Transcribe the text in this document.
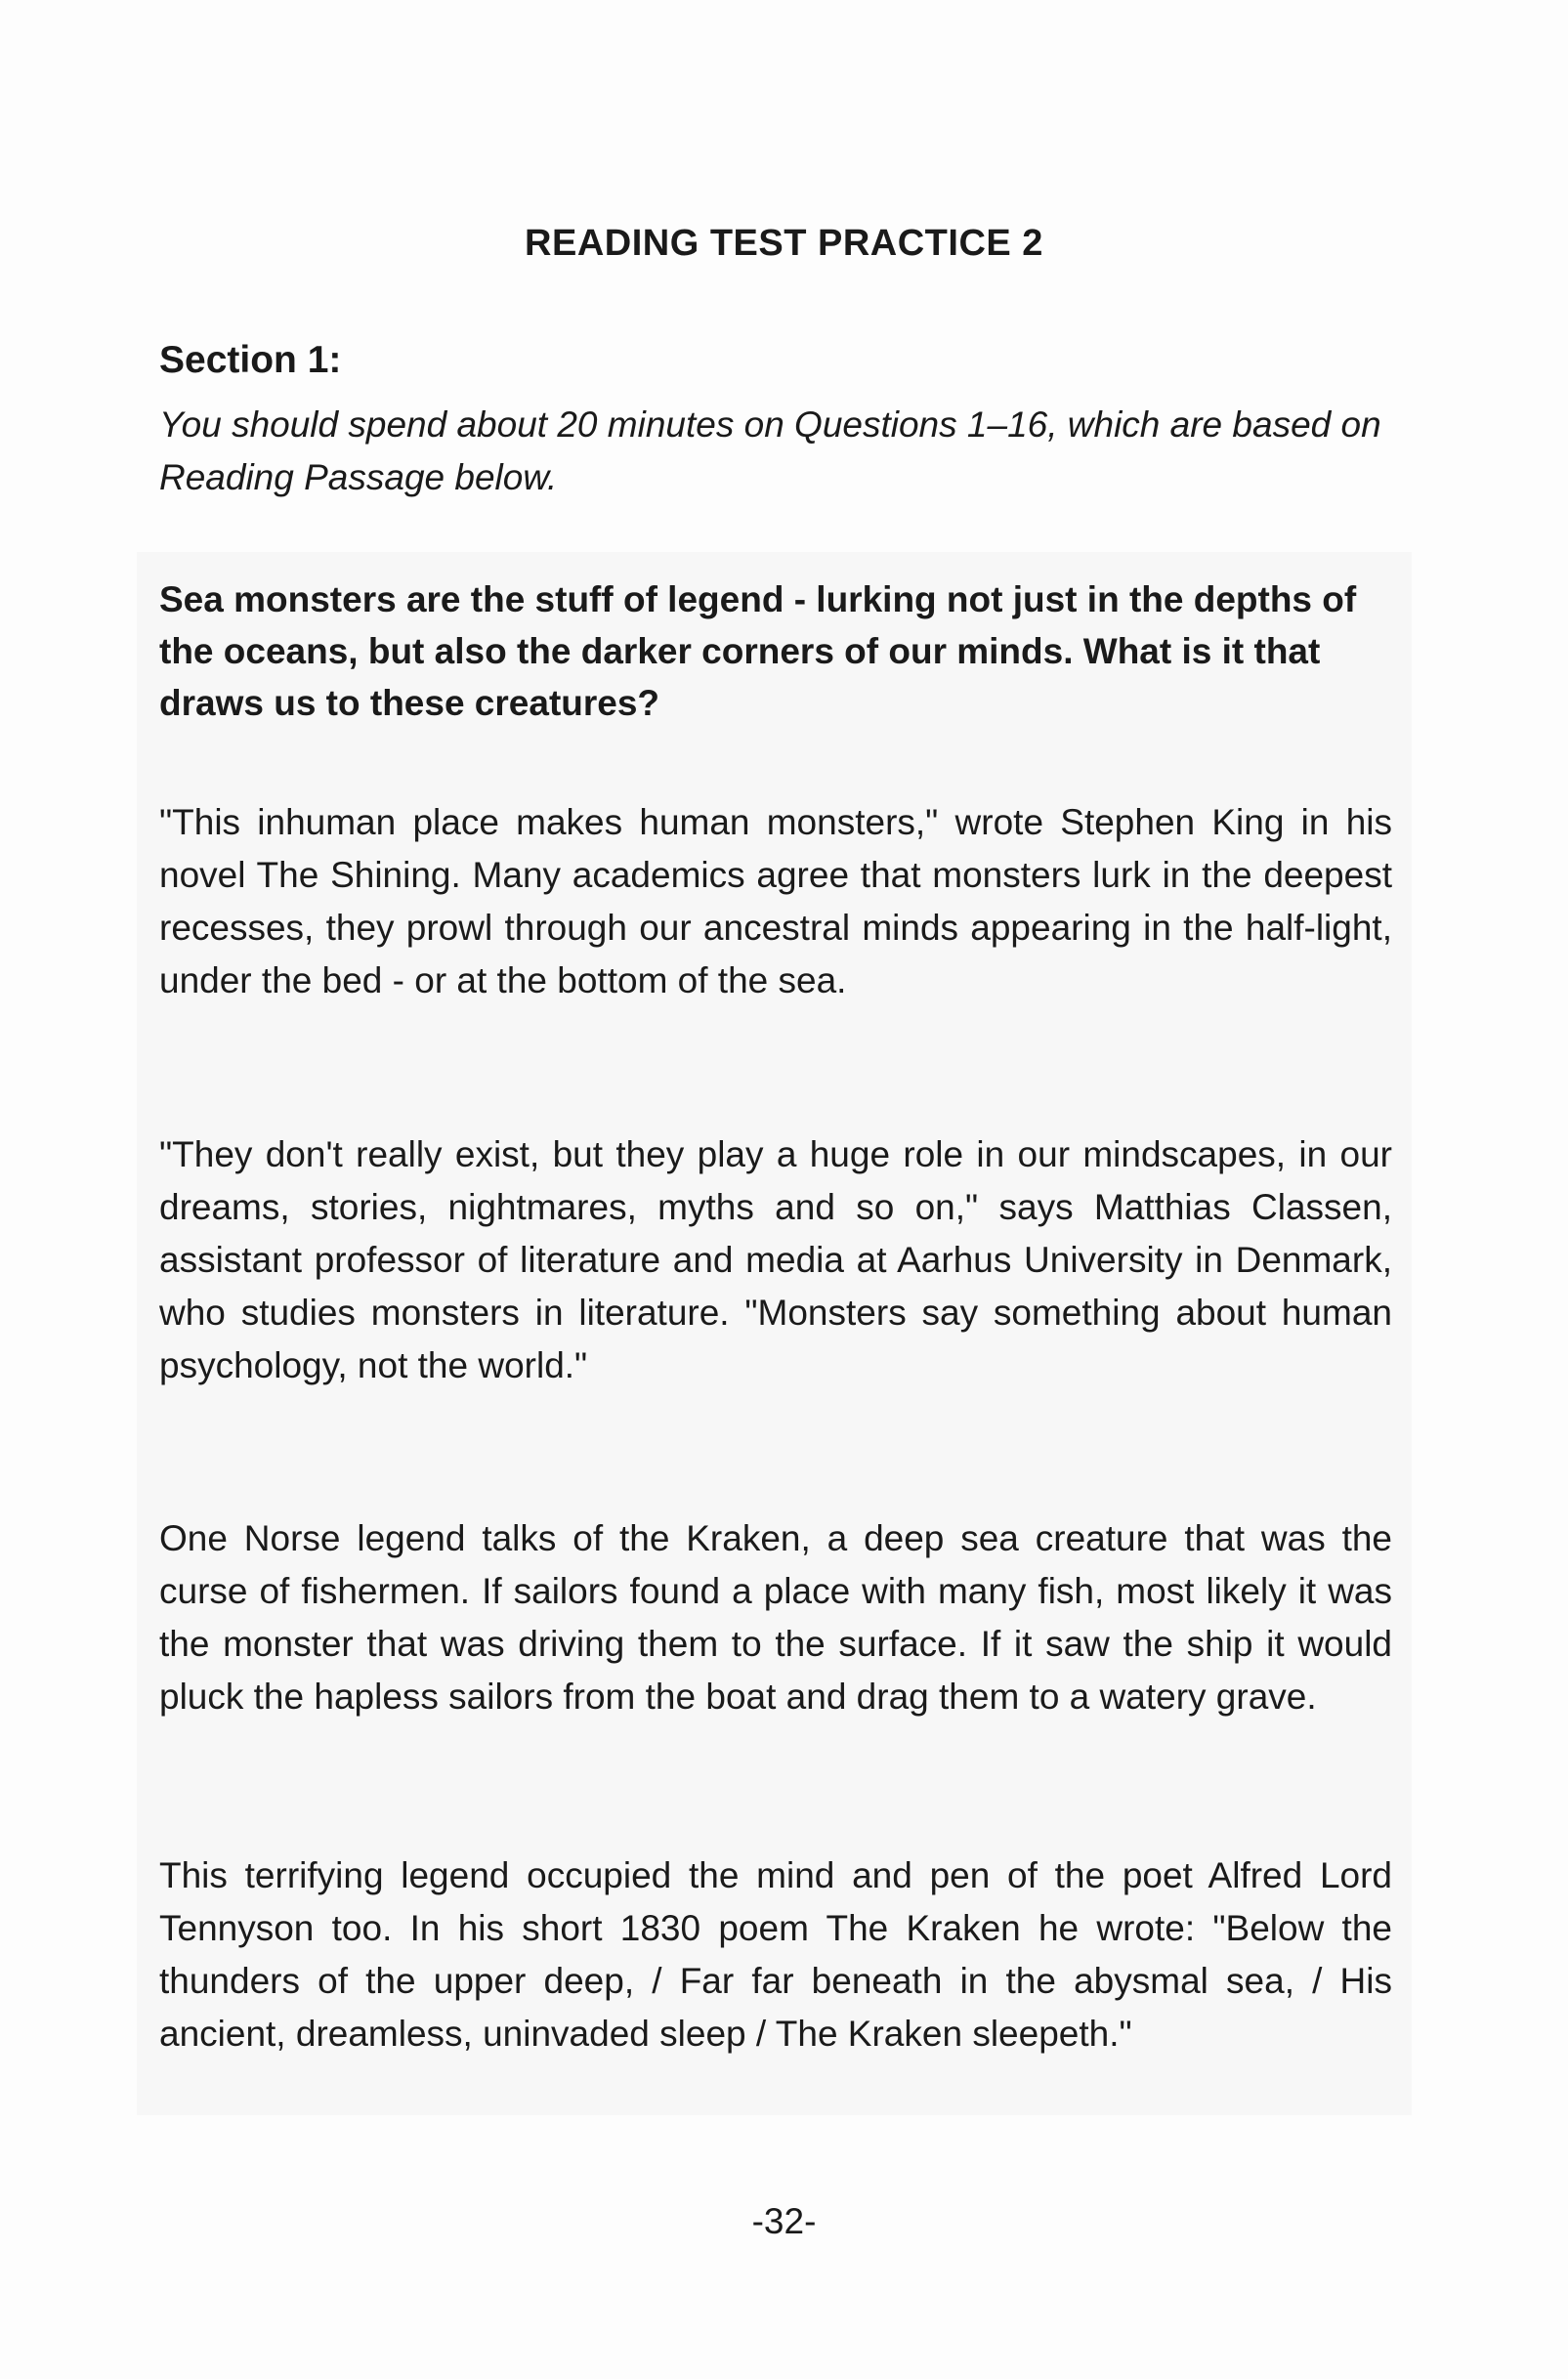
READING TEST PRACTICE 2
Section 1:
You should spend about 20 minutes on Questions 1–16, which are based on Reading Passage below.
Sea monsters are the stuff of legend - lurking not just in the depths of the oceans, but also the darker corners of our minds. What is it that draws us to these creatures?
"This inhuman place makes human monsters," wrote Stephen King in his novel The Shining. Many academics agree that monsters lurk in the deepest recesses, they prowl through our ancestral minds appearing in the half-light, under the bed - or at the bottom of the sea.
"They don't really exist, but they play a huge role in our mindscapes, in our dreams, stories, nightmares, myths and so on," says Matthias Classen, assistant professor of literature and media at Aarhus University in Denmark, who studies monsters in literature. "Monsters say something about human psychology, not the world."
One Norse legend talks of the Kraken, a deep sea creature that was the curse of fishermen. If sailors found a place with many fish, most likely it was the monster that was driving them to the surface. If it saw the ship it would pluck the hapless sailors from the boat and drag them to a watery grave.
This terrifying legend occupied the mind and pen of the poet Alfred Lord Tennyson too. In his short 1830 poem The Kraken he wrote: "Below the thunders of the upper deep, / Far far beneath in the abysmal sea, / His ancient, dreamless, uninvaded sleep / The Kraken sleepeth."
-32-
